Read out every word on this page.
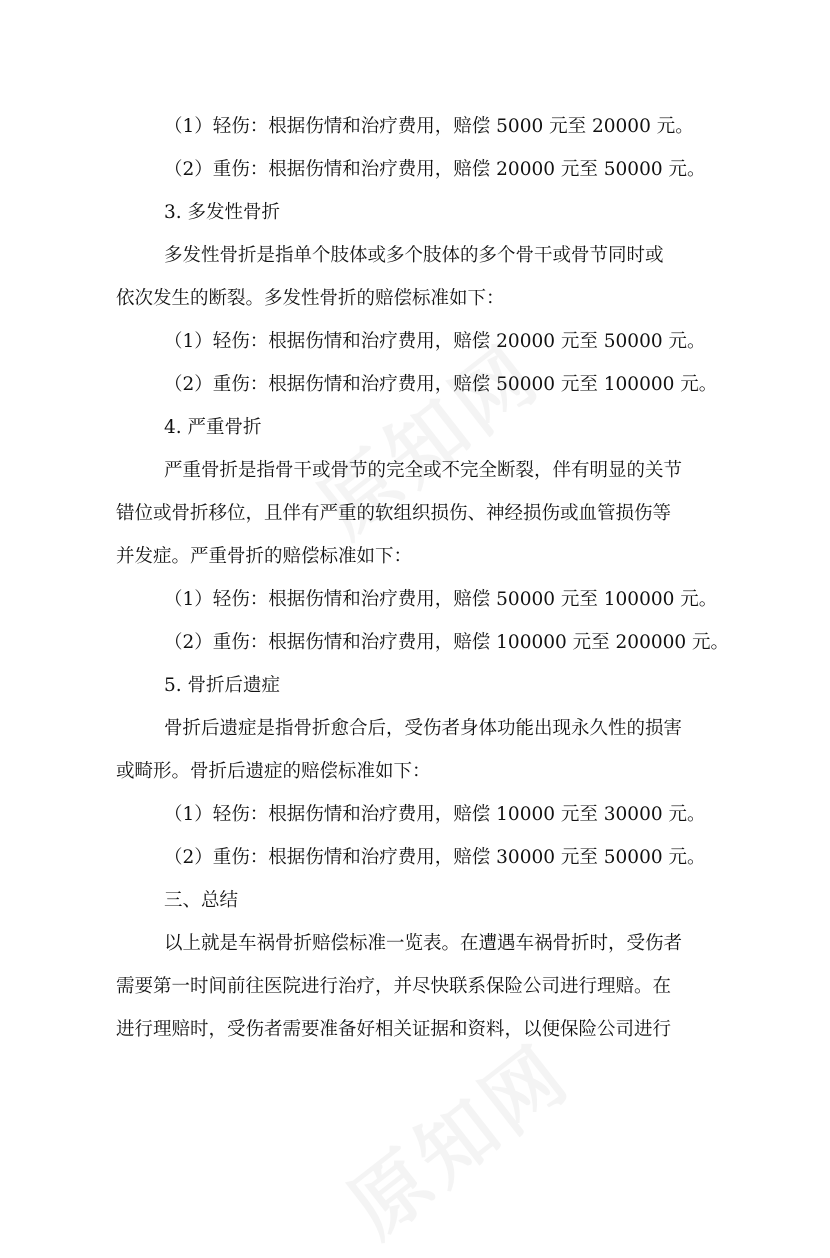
（1）轻伤：根据伤情和治疗费用，赔偿 5000 元至 20000 元。
（2）重伤：根据伤情和治疗费用，赔偿 20000 元至 50000 元。
3. 多发性骨折
多发性骨折是指单个肢体或多个肢体的多个骨干或骨节同时或
依次发生的断裂。多发性骨折的赔偿标准如下：
（1）轻伤：根据伤情和治疗费用，赔偿 20000 元至 50000 元。
（2）重伤：根据伤情和治疗费用，赔偿 50000 元至 100000 元。
4. 严重骨折
严重骨折是指骨干或骨节的完全或不完全断裂，伴有明显的关节
错位或骨折移位，且伴有严重的软组织损伤、神经损伤或血管损伤等
并发症。严重骨折的赔偿标准如下：
（1）轻伤：根据伤情和治疗费用，赔偿 50000 元至 100000 元。
（2）重伤：根据伤情和治疗费用，赔偿 100000 元至 200000 元。
5. 骨折后遗症
骨折后遗症是指骨折愈合后，受伤者身体功能出现永久性的损害
或畸形。骨折后遗症的赔偿标准如下：
（1）轻伤：根据伤情和治疗费用，赔偿 10000 元至 30000 元。
（2）重伤：根据伤情和治疗费用，赔偿 30000 元至 50000 元。
三、总结
以上就是车祸骨折赔偿标准一览表。在遭遇车祸骨折时，受伤者
需要第一时间前往医院进行治疗，并尽快联系保险公司进行理赔。在
进行理赔时，受伤者需要准备好相关证据和资料，以便保险公司进行
